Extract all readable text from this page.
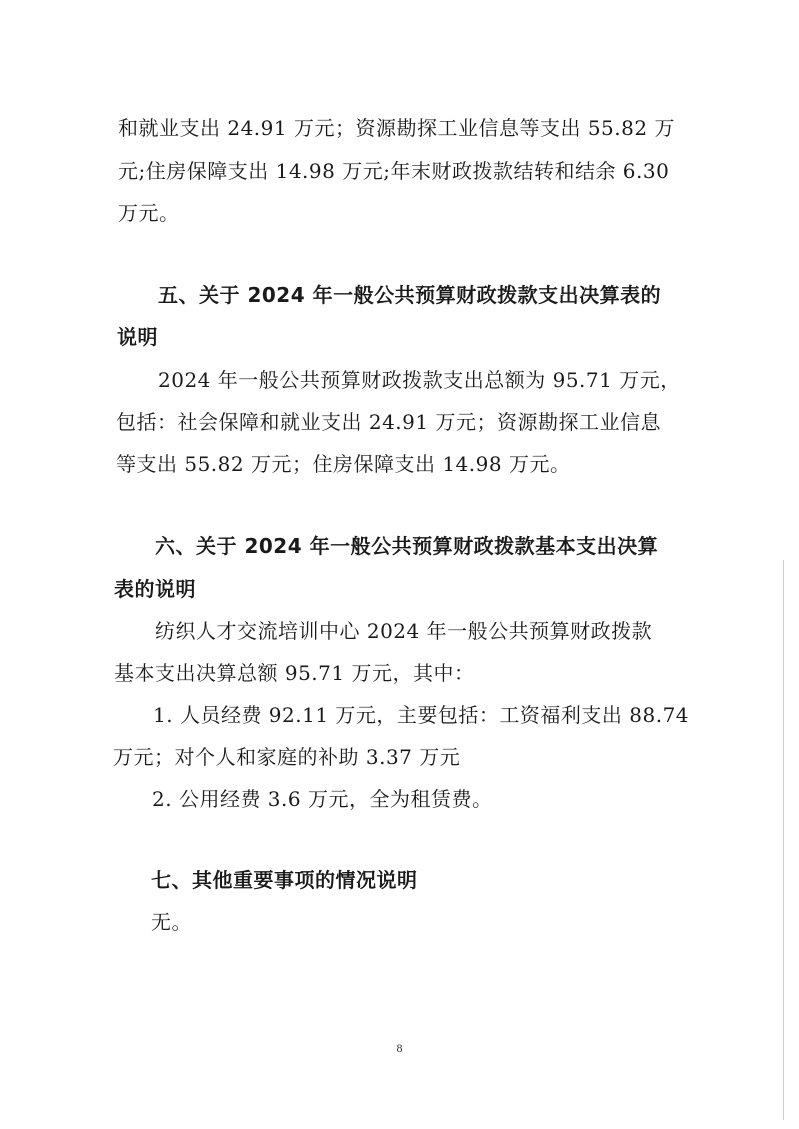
和就业支出 24.91 万元；资源勘探工业信息等支出 55.82 万
元;住房保障支出 14.98 万元;年末财政拨款结转和结余 6.30
万元。
五、关于 2024 年一般公共预算财政拨款支出决算表的
说明
2024 年一般公共预算财政拨款支出总额为 95.71 万元，
包括：社会保障和就业支出 24.91 万元；资源勘探工业信息
等支出 55.82 万元；住房保障支出 14.98 万元。
六、关于 2024 年一般公共预算财政拨款基本支出决算
表的说明
纺织人才交流培训中心 2024 年一般公共预算财政拨款
基本支出决算总额 95.71 万元，其中：
1. 人员经费 92.11 万元，主要包括：工资福利支出 88.74
万元；对个人和家庭的补助 3.37 万元
2. 公用经费 3.6 万元，全为租赁费。
七、其他重要事项的情况说明
无。
8
